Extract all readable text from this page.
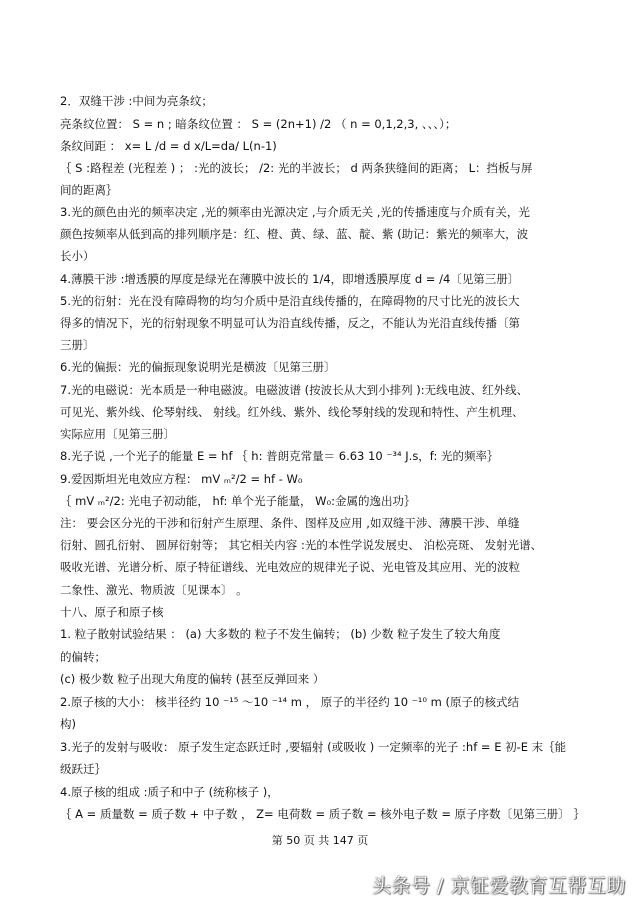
2．双缝干涉 :中间为亮条纹；
亮条纹位置： S = n ; 暗条纹位置 ： S = (2n+1) /2 （ n = 0,1,2,3, 、、、）；
条纹间距 ： x= L /d = d x/L=da/ L(n-1)
｛ S :路程差 (光程差 ) ； :光的波长； /2: 光的半波长； d 两条狭缝间的距离； L：挡板与屏
间的距离｝
3.光的颜色由光的频率决定 ,光的频率由光源决定 ,与介质无关 ,光的传播速度与介质有关，光
颜色按频率从低到高的排列顺序是：红、橙、黄、绿、蓝、靛、紫 (助记：紫光的频率大，波
长小）
4.薄膜干涉 :增透膜的厚度是绿光在薄膜中波长的 1/4，即增透膜厚度 d = /4〔见第三册〕
5.光的衍射：光在没有障碍物的均匀介质中是沿直线传播的，在障碍物的尺寸比光的波长大
得多的情况下，光的衍射现象不明显可认为沿直线传播，反之，不能认为光沿直线传播〔第
三册〕
6.光的偏振：光的偏振现象说明光是横波〔见第三册〕
7.光的电磁说：光本质是一种电磁波。电磁波谱 (按波长从大到小排列 ):无线电波、红外线、
可见光、紫外线、伦琴射线、 射线。红外线、紫外、线伦琴射线的发现和特性、产生机理、
实际应用〔见第三册〕
8.光子说 ,一个光子的能量 E = hf ｛ h: 普朗克常量＝ 6.63 10 ⁻³⁴ J.s，f: 光的频率｝
9.爱因斯坦光电效应方程： mV ₘ²/2 = hf - W₀
｛ mV ₘ²/2: 光电子初动能， hf: 单个光子能量， W₀:金属的逸出功｝
注： 要会区分光的干涉和衍射产生原理、条件、图样及应用 ,如双缝干涉、薄膜干涉、单缝
衍射、圆孔衍射、 圆屏衍射等； 其它相关内容 :光的本性学说发展史、 泊松亮斑、 发射光谱、
吸收光谱、光谱分析、原子特征谱线、光电效应的规律光子说、光电管及其应用、光的波粒
二象性、激光、物质波〔见课本〕 。
十八、原子和原子核
1. 粒子散射试验结果 ： (a) 大多数的 粒子不发生偏转； (b) 少数 粒子发生了较大角度
的偏转；
(c) 极少数 粒子出现大角度的偏转 (甚至反弹回来 ）
2.原子核的大小： 核半径约 10 ⁻¹⁵ ～10 ⁻¹⁴ m ， 原子的半径约 10 ⁻¹⁰ m (原子的核式结
构)
3.光子的发射与吸收： 原子发生定态跃迁时 ,要辐射 (或吸收 ) 一定频率的光子 :hf = E 初-E 末｛能
级跃迁｝
4.原子核的组成 :质子和中子 (统称核子 )，
｛ A = 质量数 = 质子数 + 中子数 ， Z= 电荷数 = 质子数 = 核外电子数 = 原子序数〔见第三册〕 ｝
第 50 页 共 147 页
头条号 / 京钲爱教育互帮互助
